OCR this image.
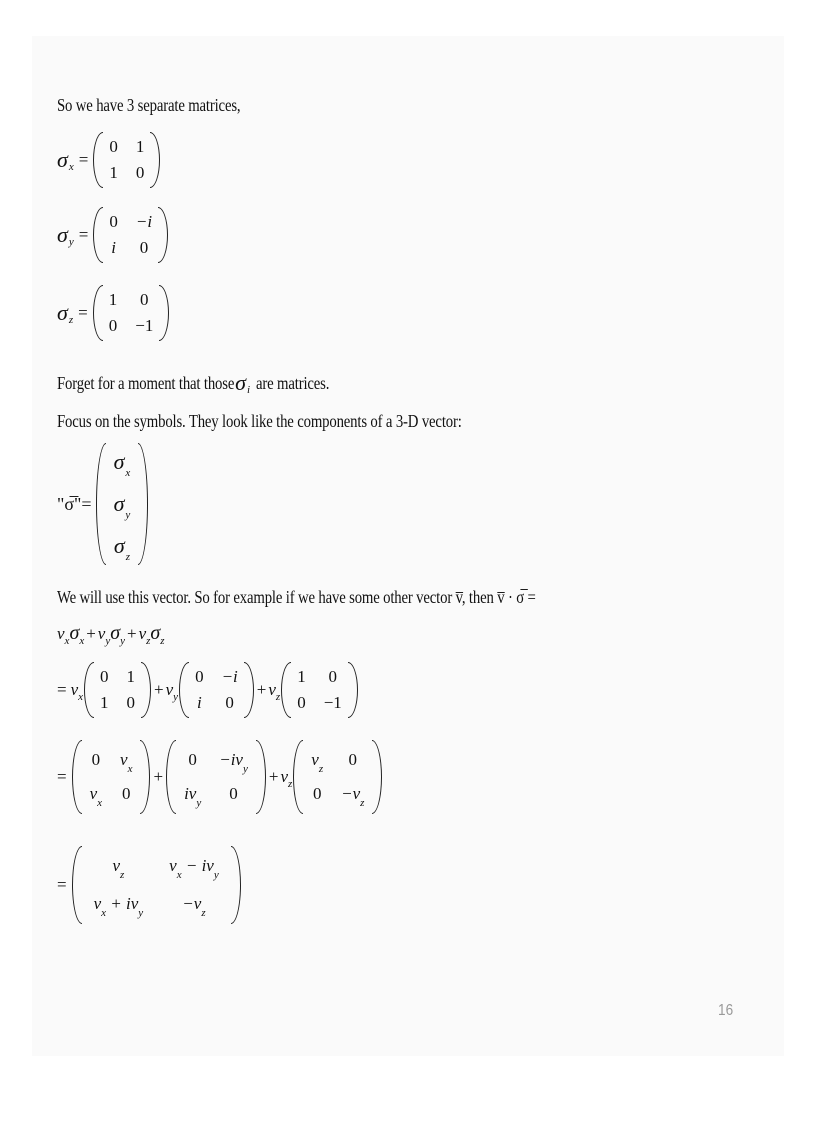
So we have 3 separate matrices,
σ x =
0 1
1 0
σ y =
0 −i
i 0
σ z =
1 0
0 −1
Forget for a moment that those σ i are matrices.
Focus on the symbols. They look like the components of a 3-D vector:
"σ̅"=
$\sigma_x$
$\sigma_y$
$\sigma_z$
We will use this vector. So for example if we have some other vector v̅, then v̅ · σ̅ =
v x σ x + v y σ y + v z σ z
= v x
0 1
1 0
+ v y
0 −i
i 0
+ v z
1 0
0 −1
=
0 $v_x$
$v_x$ 0
+
$0 -iv_y$
$iv_y$ 0
+ v z
$v_z$ 0
$0 -v_z$
=
$v_z$	$v_x - iv_y$
$v_x + iv_y -v_z$
16
